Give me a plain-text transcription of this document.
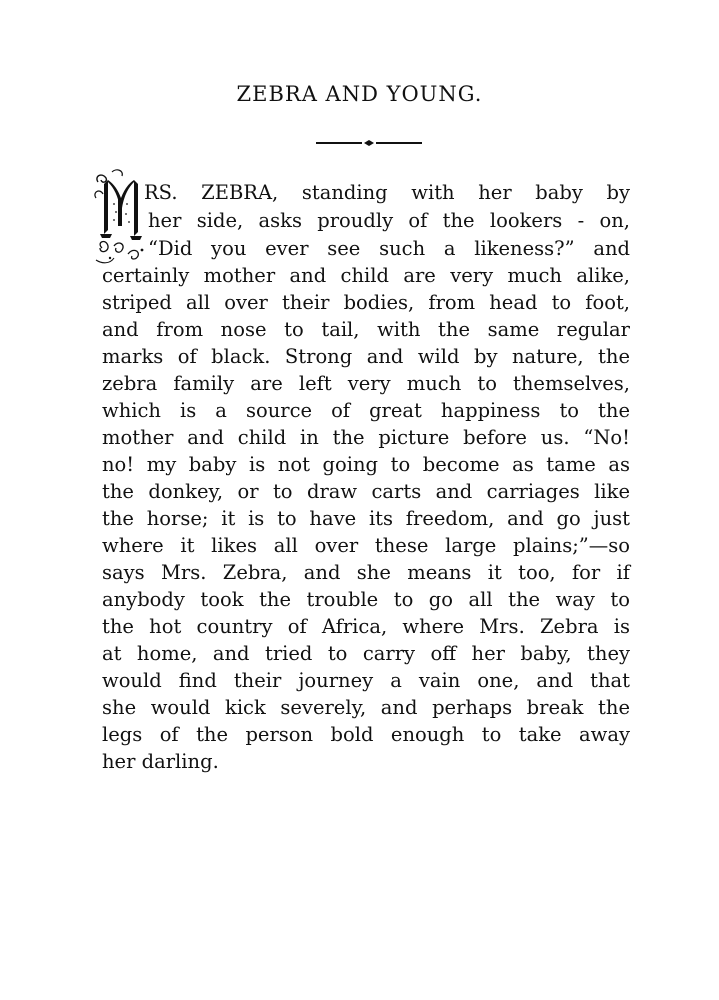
ZEBRA AND YOUNG.
RS. ZEBRA, standing with her baby by
her side, asks proudly of the lookers - on,
“Did you ever see such a likeness?” and
certainly mother and child are very much alike,
striped all over their bodies, from head to foot,
and from nose to tail, with the same regular
marks of black. Strong and wild by nature, the
zebra family are left very much to themselves,
which is a source of great happiness to the
mother and child in the picture before us. “No!
no! my baby is not going to become as tame as
the donkey, or to draw carts and carriages like
the horse; it is to have its freedom, and go just
where it likes all over these large plains;”—so
says Mrs. Zebra, and she means it too, for if
anybody took the trouble to go all the way to
the hot country of Africa, where Mrs. Zebra is
at home, and tried to carry off her baby, they
would find their journey a vain one, and that
she would kick severely, and perhaps break the
legs of the person bold enough to take away
her darling.
